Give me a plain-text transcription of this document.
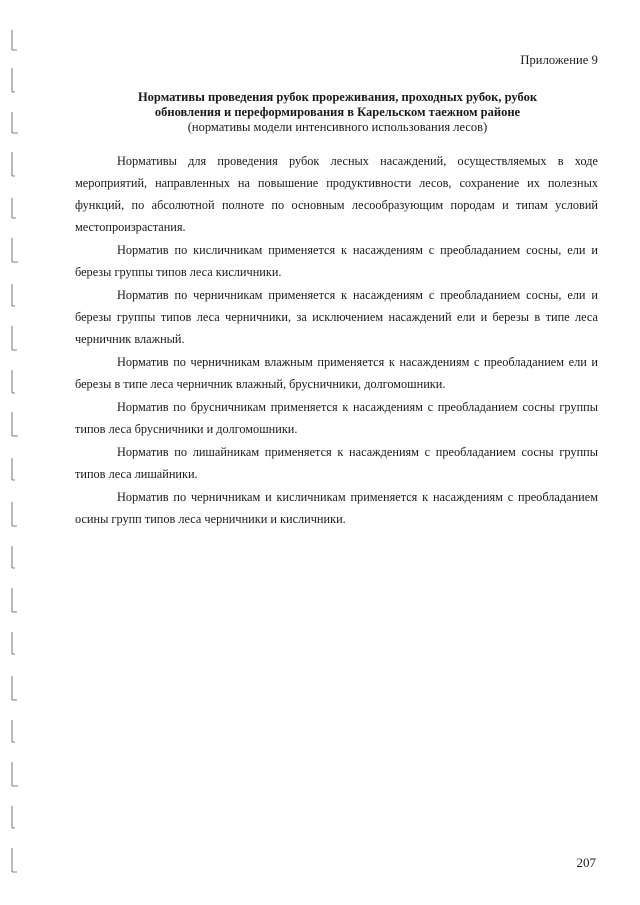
Приложение 9
Нормативы проведения рубок прореживания, проходных рубок, рубок
обновления и переформирования в Карельском таежном районе
(нормативы модели интенсивного использования лесов)

Нормативы для проведения рубок лесных насаждений, осуществляемых в ходе мероприятий, направленных на повышение продуктивности лесов, сохранение их полезных функций, по абсолютной полноте по основным лесообразующим породам и типам условий местопроизрастания.

Норматив по кисличникам применяется к насаждениям с преобладанием сосны, ели и березы группы типов леса кисличники.

Норматив по черничникам применяется к насаждениям с преобладанием сосны, ели и березы группы типов леса черничники, за исключением насаждений ели и березы в типе леса черничник влажный.

Норматив по черничникам влажным применяется к насаждениям с преобладанием ели и березы в типе леса черничник влажный, брусничники, долгомошники.

Норматив по брусничникам применяется к насаждениям с преобладанием сосны группы типов леса брусничники и долгомошники.

Норматив по лишайникам применяется к насаждениям с преобладанием сосны группы типов леса лишайники.

Норматив по черничникам и кисличникам применяется к насаждениям с преобладанием осины групп типов леса черничники и кисличники.

207
